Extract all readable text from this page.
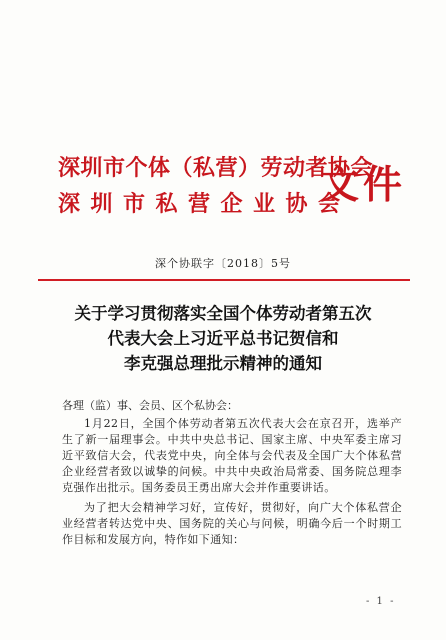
深圳市个体（私营）劳动者协会
深圳市私营企业协会
文件
深个协联字〔2018〕5号
关于学习贯彻落实全国个体劳动者第五次
代表大会上习近平总书记贺信和
李克强总理批示精神的通知

各理（监）事、会员、区个私协会：

1月22日，全国个体劳动者第五次代表大会在京召开，选举产生了新一届理事会。中共中央总书记、国家主席、中央军委主席习近平致信大会，代表党中央，向全体与会代表及全国广大个体私营企业经营者致以诚挚的问候。中共中央政治局常委、国务院总理李克强作出批示。国务委员王勇出席大会并作重要讲话。

为了把大会精神学习好，宣传好，贯彻好，向广大个体私营企业经营者转达党中央、国务院的关心与问候，明确今后一个时期工作目标和发展方向，特作如下通知：

- 1 -
